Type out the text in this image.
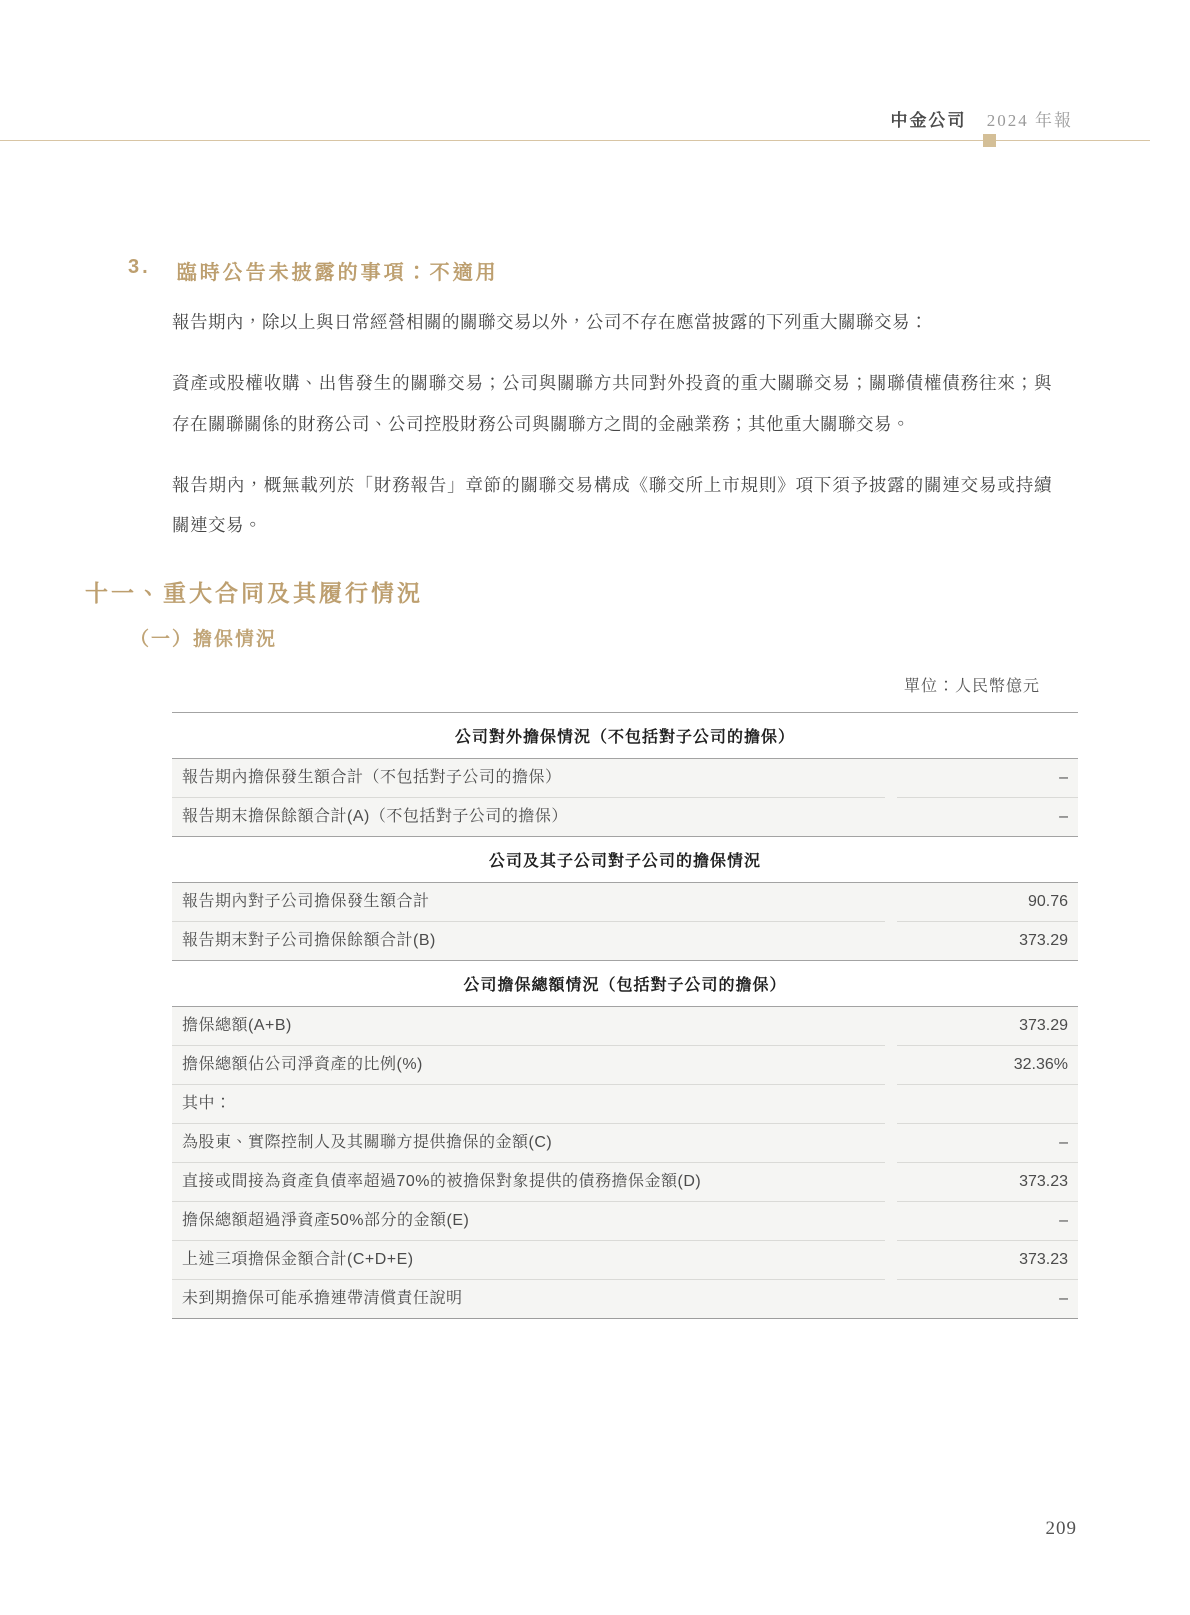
中金公司 2024 年報
3. 臨時公告未披露的事項：不適用

報告期內，除以上與日常經營相關的關聯交易以外，公司不存在應當披露的下列重大關聯交易：

資產或股權收購、出售發生的關聯交易；公司與關聯方共同對外投資的重大關聯交易；關聯債權債務往來；與存在關聯關係的財務公司、公司控股財務公司與關聯方之間的金融業務；其他重大關聯交易。

報告期內，概無載列於「財務報告」章節的關聯交易構成《聯交所上市規則》項下須予披露的關連交易或持續關連交易。

十一、重大合同及其履行情況
（一）擔保情況
單位：人民幣億元
公司對外擔保情況（不包括對子公司的擔保）
報告期內擔保發生額合計（不包括對子公司的擔保）	–
報告期末擔保餘額合計(A)（不包括對子公司的擔保）	–
公司及其子公司對子公司的擔保情況
報告期內對子公司擔保發生額合計	90.76
報告期末對子公司擔保餘額合計(B)	373.29
公司擔保總額情況（包括對子公司的擔保）
擔保總額(A+B)	373.29
擔保總額佔公司淨資產的比例(%)	32.36%
其中：
為股東、實際控制人及其關聯方提供擔保的金額(C)	–
直接或間接為資產負債率超過70%的被擔保對象提供的債務擔保金額(D)	373.23
擔保總額超過淨資產50%部分的金額(E)	–
上述三項擔保金額合計(C+D+E)	373.23
未到期擔保可能承擔連帶清償責任說明	–
209
